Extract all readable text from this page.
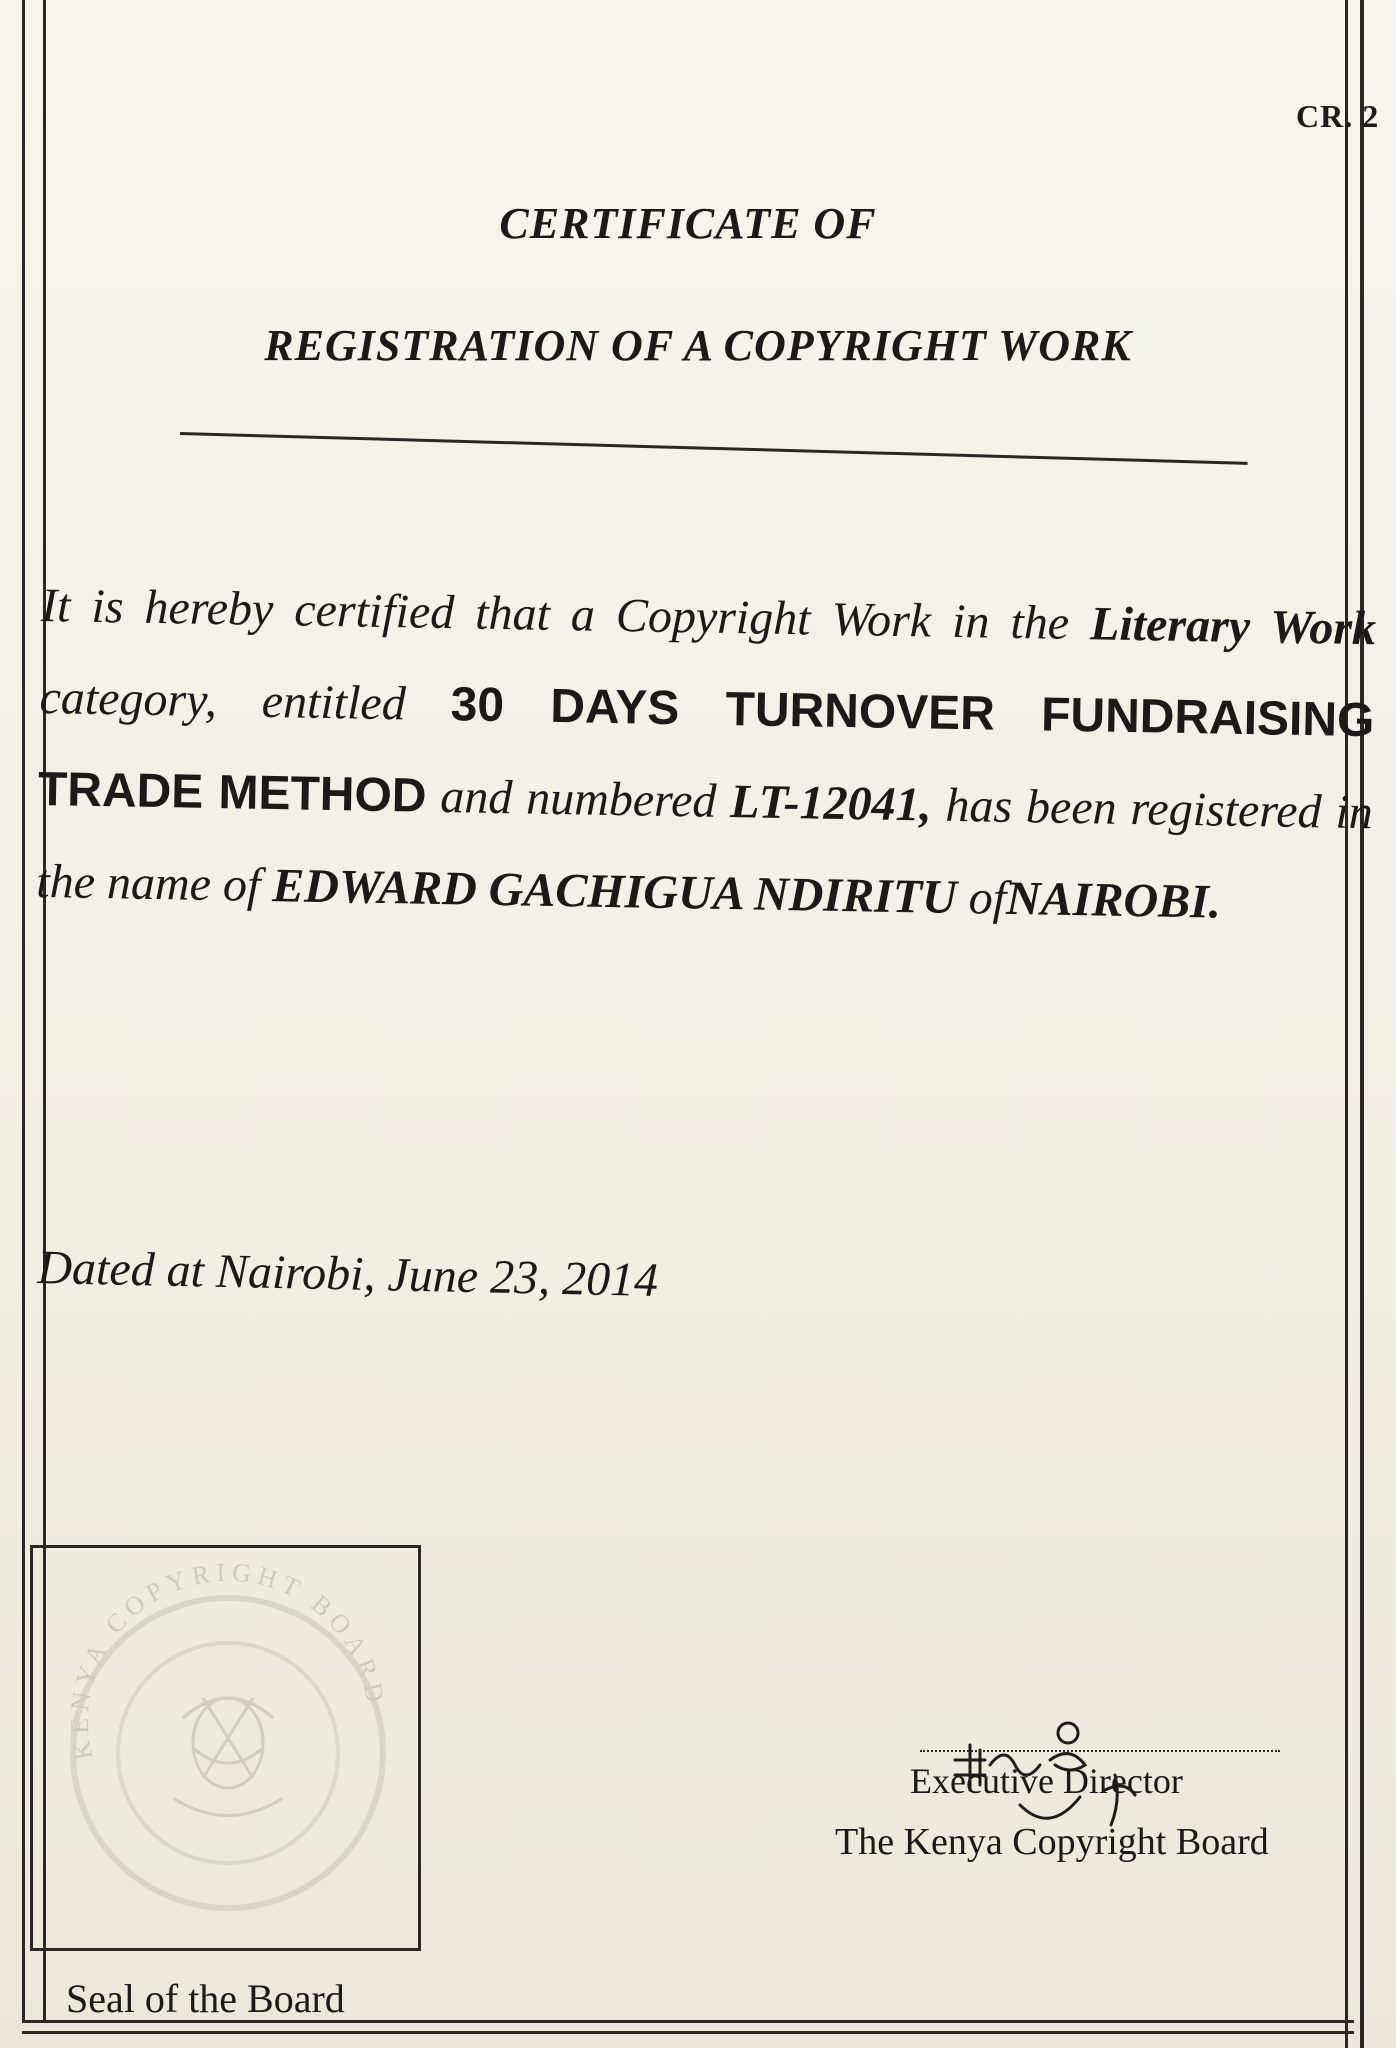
CR. 2
CERTIFICATE OF
REGISTRATION OF A COPYRIGHT WORK
It is hereby certified that a Copyright Work in the Literary Work category, entitled 30 DAYS TURNOVER FUNDRAISING TRADE METHOD and numbered LT-12041, has been registered in the name of EDWARD GACHIGUA NDIRITU ofNAIROBI.
Dated at Nairobi, June 23, 2014
KENYA COPYRIGHT BOARD
Seal of the Board
Executive Director
The Kenya Copyright Board
